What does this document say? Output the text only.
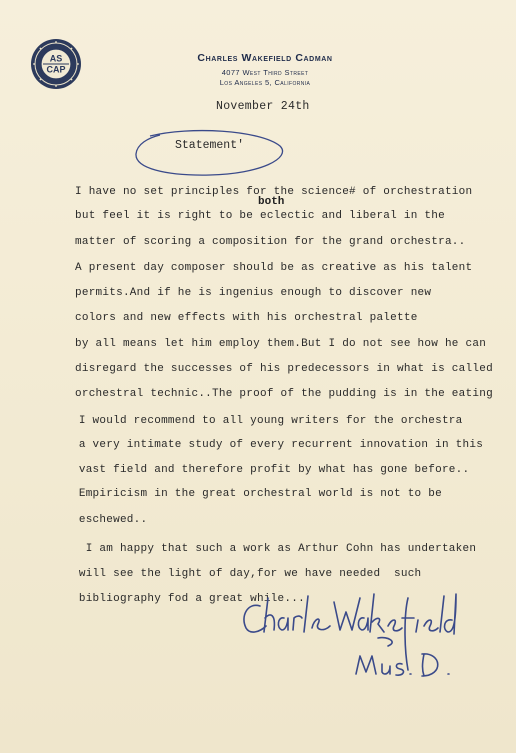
AS
CAP
Charles Wakefield Cadman
4077 West Third Street
Los Angeles 5, California
November 24th
Statement'
both
I have no set principles for the science# of orchestration
but feel it is right to be eclectic and liberal in the
matter of scoring a composition for the grand orchestra..
A present day composer should be as creative as his talent
permits.And if he is ingenius enough to discover new
colors and new effects with his orchestral palette
by all means let him employ them.But I do not see how he can
disregard the successes of his predecessors in what is called
orchestral technic..The proof of the pudding is in the eating
I would recommend to all young writers for the orchestra
a very intimate study of every recurrent innovation in this
vast field and therefore profit by what has gone before..
Empiricism in the great orchestral world is not to be
eschewed..
I am happy that such a work as Arthur Cohn has undertaken
will see the light of day,for we have needed  such
bibliography fod a great while...
